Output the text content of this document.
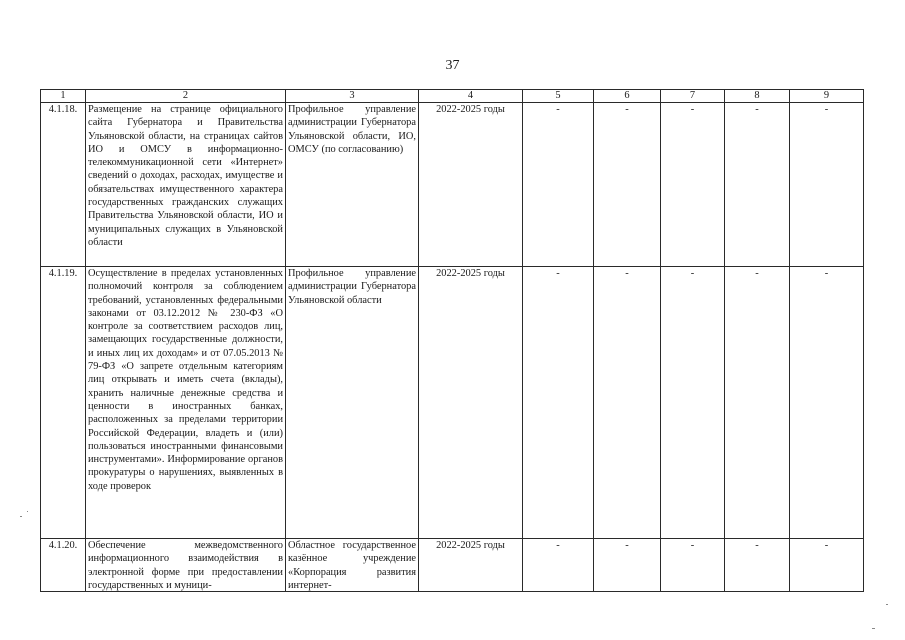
37
1	2	3	4	5	6	7	8	9
4.1.18.	Размещение на странице официального сайта Губернатора и Правительства Ульяновской области, на страницах сайтов ИО и ОМСУ в информационно-телекоммуникационной сети «Интернет» сведений о доходах, расходах, имуществе и обязательствах имущественного характера государственных гражданских служащих Правительства Ульяновской области, ИО и муниципальных служащих в Ульяновской области	Профильное управление администрации Губернатора Ульяновской области, ИО, ОМСУ (по согласованию)	2022-2025 годы	-	-	-	-	-
4.1.19.	Осуществление в пределах установленных полномочий контроля за соблюдением требований, установленных федеральными законами от 03.12.2012 № 230-ФЗ «О контроле за соответствием расходов лиц, замещающих государственные должности, и иных лиц их доходам» и от 07.05.2013 № 79-ФЗ «О запрете отдельным категориям лиц открывать и иметь счета (вклады), хранить наличные денежные средства и ценности в иностранных банках, расположенных за пределами территории Российской Федерации, владеть и (или) пользоваться иностранными финансовыми инструментами». Информирование органов прокуратуры о нарушениях, выявленных в ходе проверок	Профильное управление администрации Губернатора Ульяновской области	2022-2025 годы	-	-	-	-	-
4.1.20.	Обеспечение межведомственного информационного взаимодействия в электронной форме при предоставлении государственных и муници-	Областное государственное казённое учреждение «Корпорация развития интернет-	2022-2025 годы	-	-	-	-	-
